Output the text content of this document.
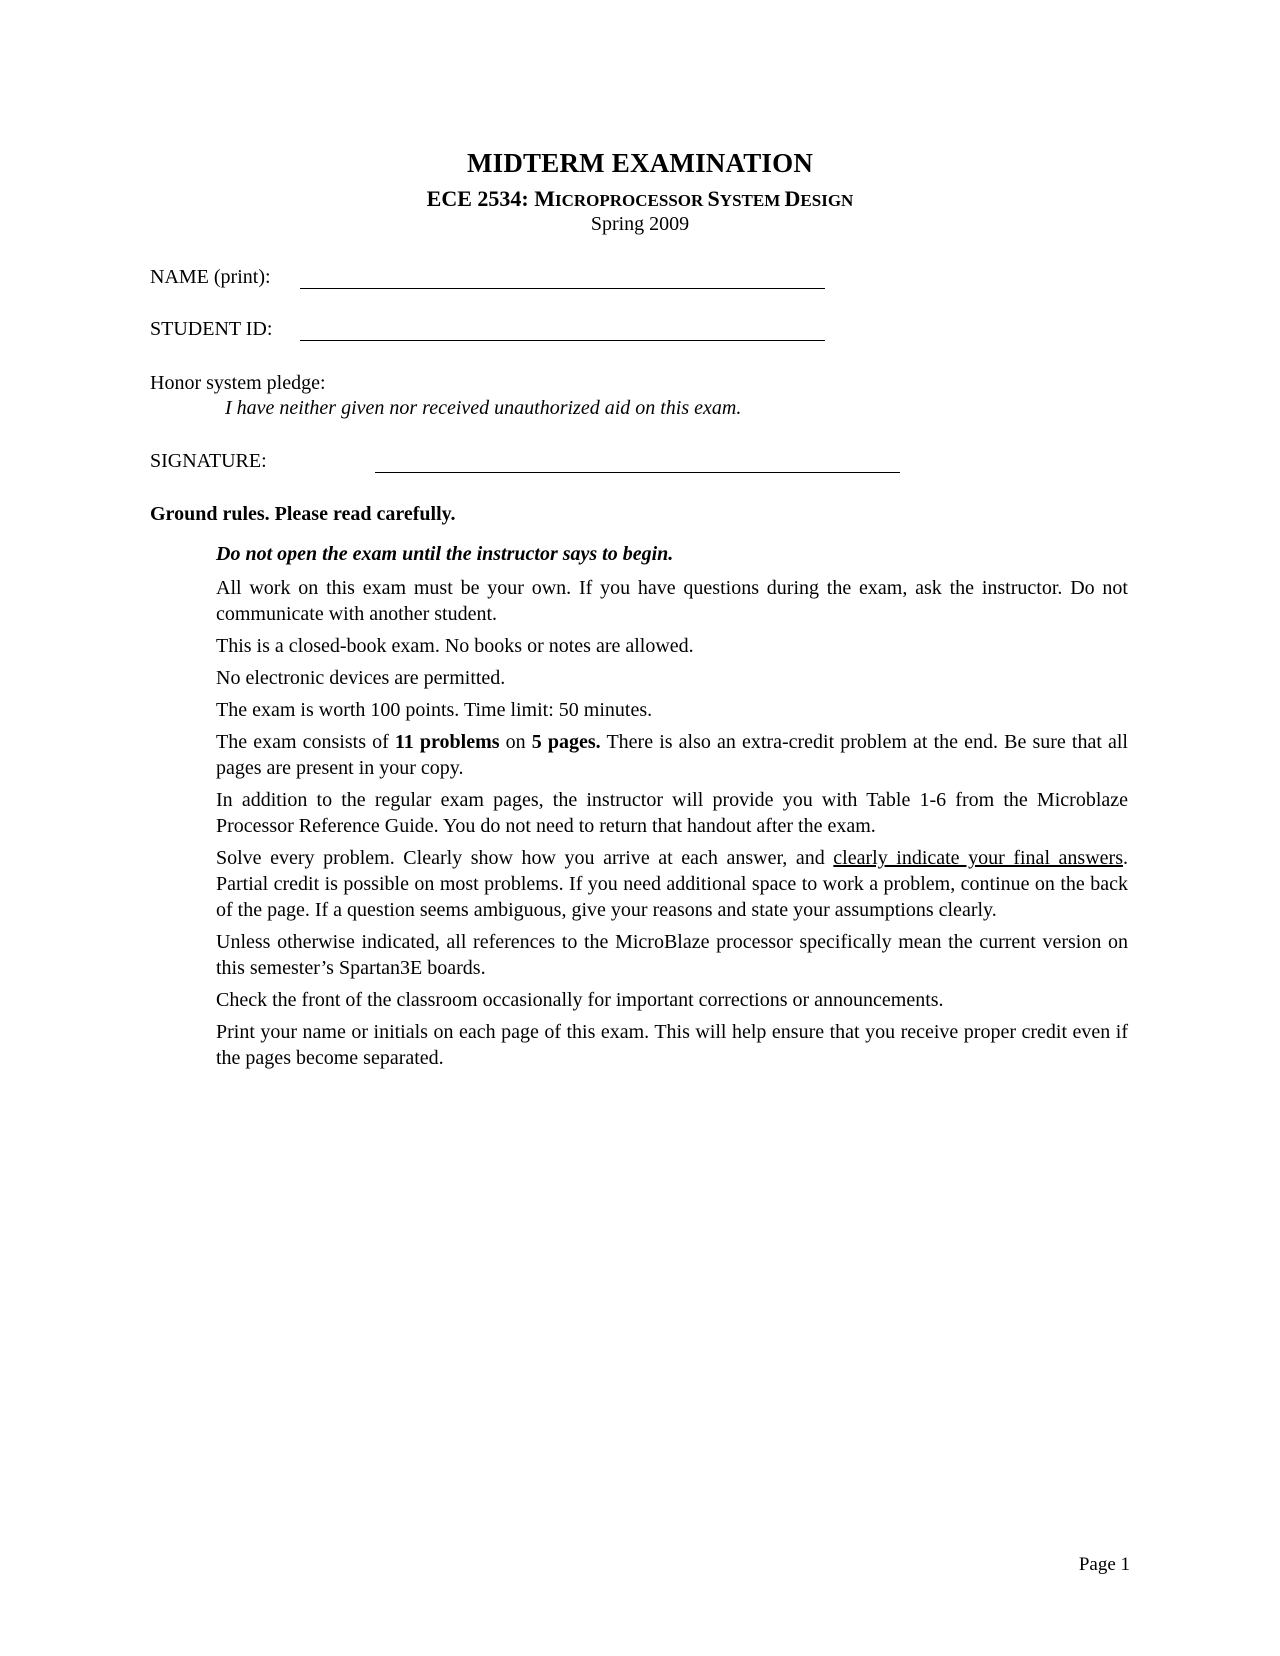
MIDTERM EXAMINATION
ECE 2534: MICROPROCESSOR SYSTEM DESIGN
Spring 2009
NAME (print):
STUDENT ID:
Honor system pledge:
I have neither given nor received unauthorized aid on this exam.
SIGNATURE:
Ground rules. Please read carefully.

Do not open the exam until the instructor says to begin.

All work on this exam must be your own. If you have questions during the exam, ask the instructor. Do not communicate with another student.

This is a closed-book exam. No books or notes are allowed.

No electronic devices are permitted.

The exam is worth 100 points. Time limit: 50 minutes.

The exam consists of 11 problems on 5 pages. There is also an extra-credit problem at the end. Be sure that all pages are present in your copy.

In addition to the regular exam pages, the instructor will provide you with Table 1-6 from the Microblaze Processor Reference Guide. You do not need to return that handout after the exam.

Solve every problem. Clearly show how you arrive at each answer, and clearly indicate your final answers. Partial credit is possible on most problems. If you need additional space to work a problem, continue on the back of the page. If a question seems ambiguous, give your reasons and state your assumptions clearly.

Unless otherwise indicated, all references to the MicroBlaze processor specifically mean the current version on this semester’s Spartan3E boards.

Check the front of the classroom occasionally for important corrections or announcements.

Print your name or initials on each page of this exam. This will help ensure that you receive proper credit even if the pages become separated.

Page 1
